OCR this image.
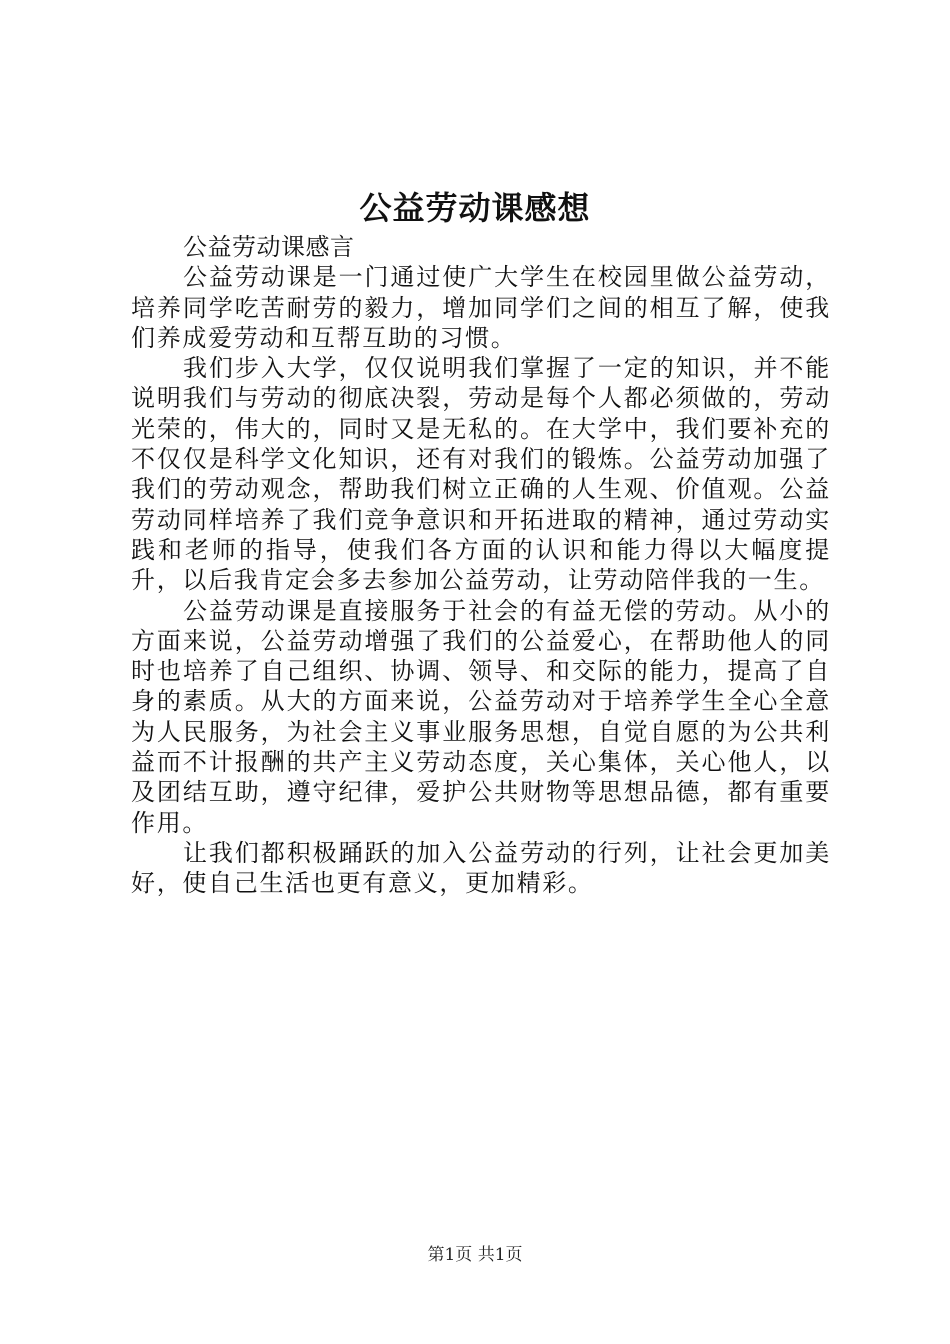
公益劳动课感想

公益劳动课感言

公益劳动课是一门通过使广大学生在校园里做公益劳动，培养同学吃苦耐劳的毅力，增加同学们之间的相互了解，使我们养成爱劳动和互帮互助的习惯。

我们步入大学，仅仅说明我们掌握了一定的知识，并不能说明我们与劳动的彻底决裂，劳动是每个人都必须做的，劳动光荣的，伟大的，同时又是无私的。在大学中，我们要补充的不仅仅是科学文化知识，还有对我们的锻炼。公益劳动加强了我们的劳动观念，帮助我们树立正确的人生观、价值观。公益劳动同样培养了我们竞争意识和开拓进取的精神，通过劳动实践和老师的指导，使我们各方面的认识和能力得以大幅度提升，以后我肯定会多去参加公益劳动，让劳动陪伴我的一生。

公益劳动课是直接服务于社会的有益无偿的劳动。从小的方面来说，公益劳动增强了我们的公益爱心，在帮助他人的同时也培养了自己组织、协调、领导、和交际的能力，提高了自身的素质。从大的方面来说，公益劳动对于培养学生全心全意为人民服务，为社会主义事业服务思想，自觉自愿的为公共利益而不计报酬的共产主义劳动态度，关心集体，关心他人，以及团结互助，遵守纪律，爱护公共财物等思想品德，都有重要作用。

让我们都积极踊跃的加入公益劳动的行列，让社会更加美好，使自己生活也更有意义，更加精彩。

第1页 共1页
